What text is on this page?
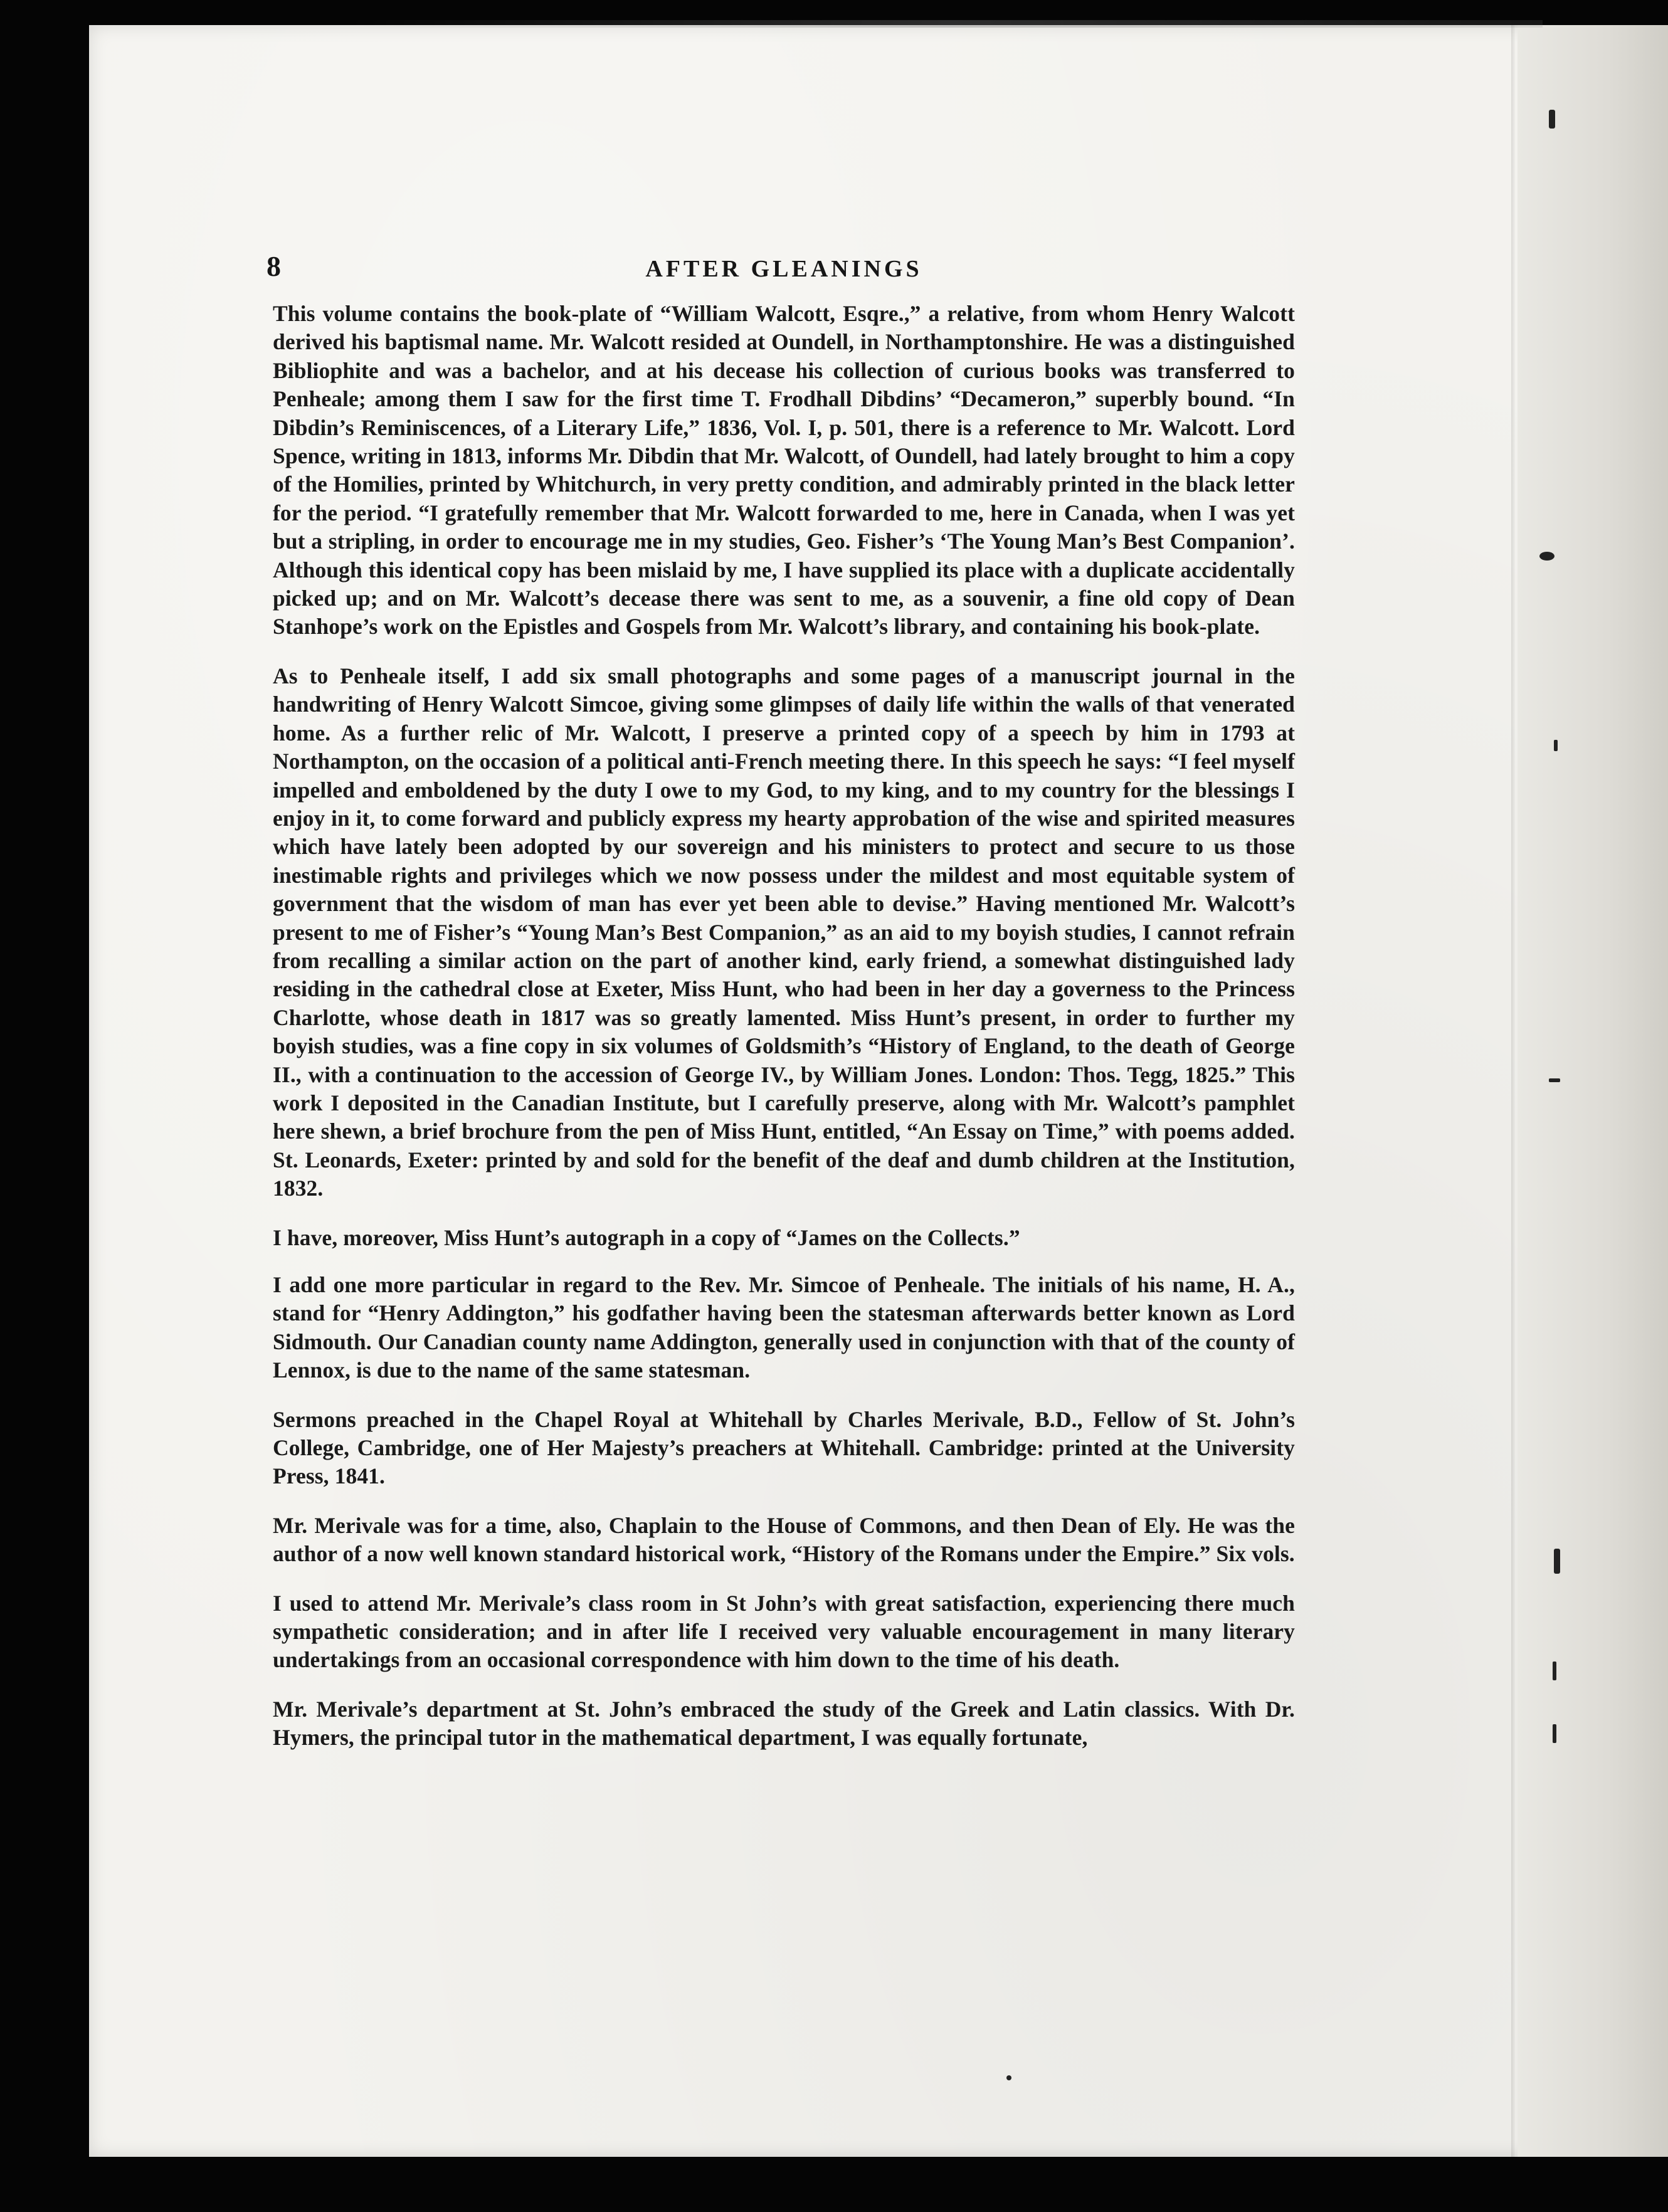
8	AFTER GLEANINGS

This volume contains the book-plate of “William Walcott, Esqre.,” a relative, from whom Henry Walcott derived his baptismal name. Mr. Walcott resided at Oundell, in Northamptonshire. He was a distinguished Bibliophite and was a bachelor, and at his decease his collection of curious books was transferred to Penheale; among them I saw for the first time T. Frodhall Dibdins’ “Decameron,” superbly bound. “In Dibdin’s Reminiscences, of a Literary Life,” 1836, Vol. I, p. 501, there is a reference to Mr. Walcott. Lord Spence, writing in 1813, informs Mr. Dibdin that Mr. Walcott, of Oundell, had lately brought to him a copy of the Homilies, printed by Whitchurch, in very pretty condition, and admirably printed in the black letter for the period. “I gratefully remember that Mr. Walcott forwarded to me, here in Canada, when I was yet but a stripling, in order to encourage me in my studies, Geo. Fisher’s ‘The Young Man’s Best Companion’. Although this identical copy has been mislaid by me, I have supplied its place with a duplicate accidentally picked up; and on Mr. Walcott’s decease there was sent to me, as a souvenir, a fine old copy of Dean Stanhope’s work on the Epistles and Gospels from Mr. Walcott’s library, and containing his book-plate.

As to Penheale itself, I add six small photographs and some pages of a manuscript journal in the handwriting of Henry Walcott Simcoe, giving some glimpses of daily life within the walls of that venerated home. As a further relic of Mr. Walcott, I preserve a printed copy of a speech by him in 1793 at Northampton, on the occasion of a political anti-French meeting there. In this speech he says: “I feel myself impelled and emboldened by the duty I owe to my God, to my king, and to my country for the blessings I enjoy in it, to come forward and publicly express my hearty approbation of the wise and spirited measures which have lately been adopted by our sovereign and his ministers to protect and secure to us those inestimable rights and privileges which we now possess under the mildest and most equitable system of government that the wisdom of man has ever yet been able to devise.” Having mentioned Mr. Walcott’s present to me of Fisher’s “Young Man’s Best Companion,” as an aid to my boyish studies, I cannot refrain from recalling a similar action on the part of another kind, early friend, a somewhat distinguished lady residing in the cathedral close at Exeter, Miss Hunt, who had been in her day a governess to the Princess Charlotte, whose death in 1817 was so greatly lamented. Miss Hunt’s present, in order to further my boyish studies, was a fine copy in six volumes of Goldsmith’s “History of England, to the death of George II., with a continuation to the accession of George IV., by William Jones. London: Thos. Tegg, 1825.” This work I deposited in the Canadian Institute, but I carefully preserve, along with Mr. Walcott’s pamphlet here shewn, a brief brochure from the pen of Miss Hunt, entitled, “An Essay on Time,” with poems added. St. Leonards, Exeter: printed by and sold for the benefit of the deaf and dumb children at the Institution, 1832.

I have, moreover, Miss Hunt’s autograph in a copy of “James on the Collects.”

I add one more particular in regard to the Rev. Mr. Simcoe of Penheale. The initials of his name, H. A., stand for “Henry Addington,” his godfather having been the statesman afterwards better known as Lord Sidmouth. Our Canadian county name Addington, generally used in conjunction with that of the county of Lennox, is due to the name of the same statesman.

Sermons preached in the Chapel Royal at Whitehall by Charles Merivale, B.D., Fellow of St. John’s College, Cambridge, one of Her Majesty’s preachers at Whitehall. Cambridge: printed at the University Press, 1841.

Mr. Merivale was for a time, also, Chaplain to the House of Commons, and then Dean of Ely. He was the author of a now well known standard historical work, “History of the Romans under the Empire.” Six vols.

I used to attend Mr. Merivale’s class room in St John’s with great satisfaction, experiencing there much sympathetic consideration; and in after life I received very valuable encouragement in many literary undertakings from an occasional correspondence with him down to the time of his death.

Mr. Merivale’s department at St. John’s embraced the study of the Greek and Latin classics. With Dr. Hymers, the principal tutor in the mathematical department, I was equally fortunate,
